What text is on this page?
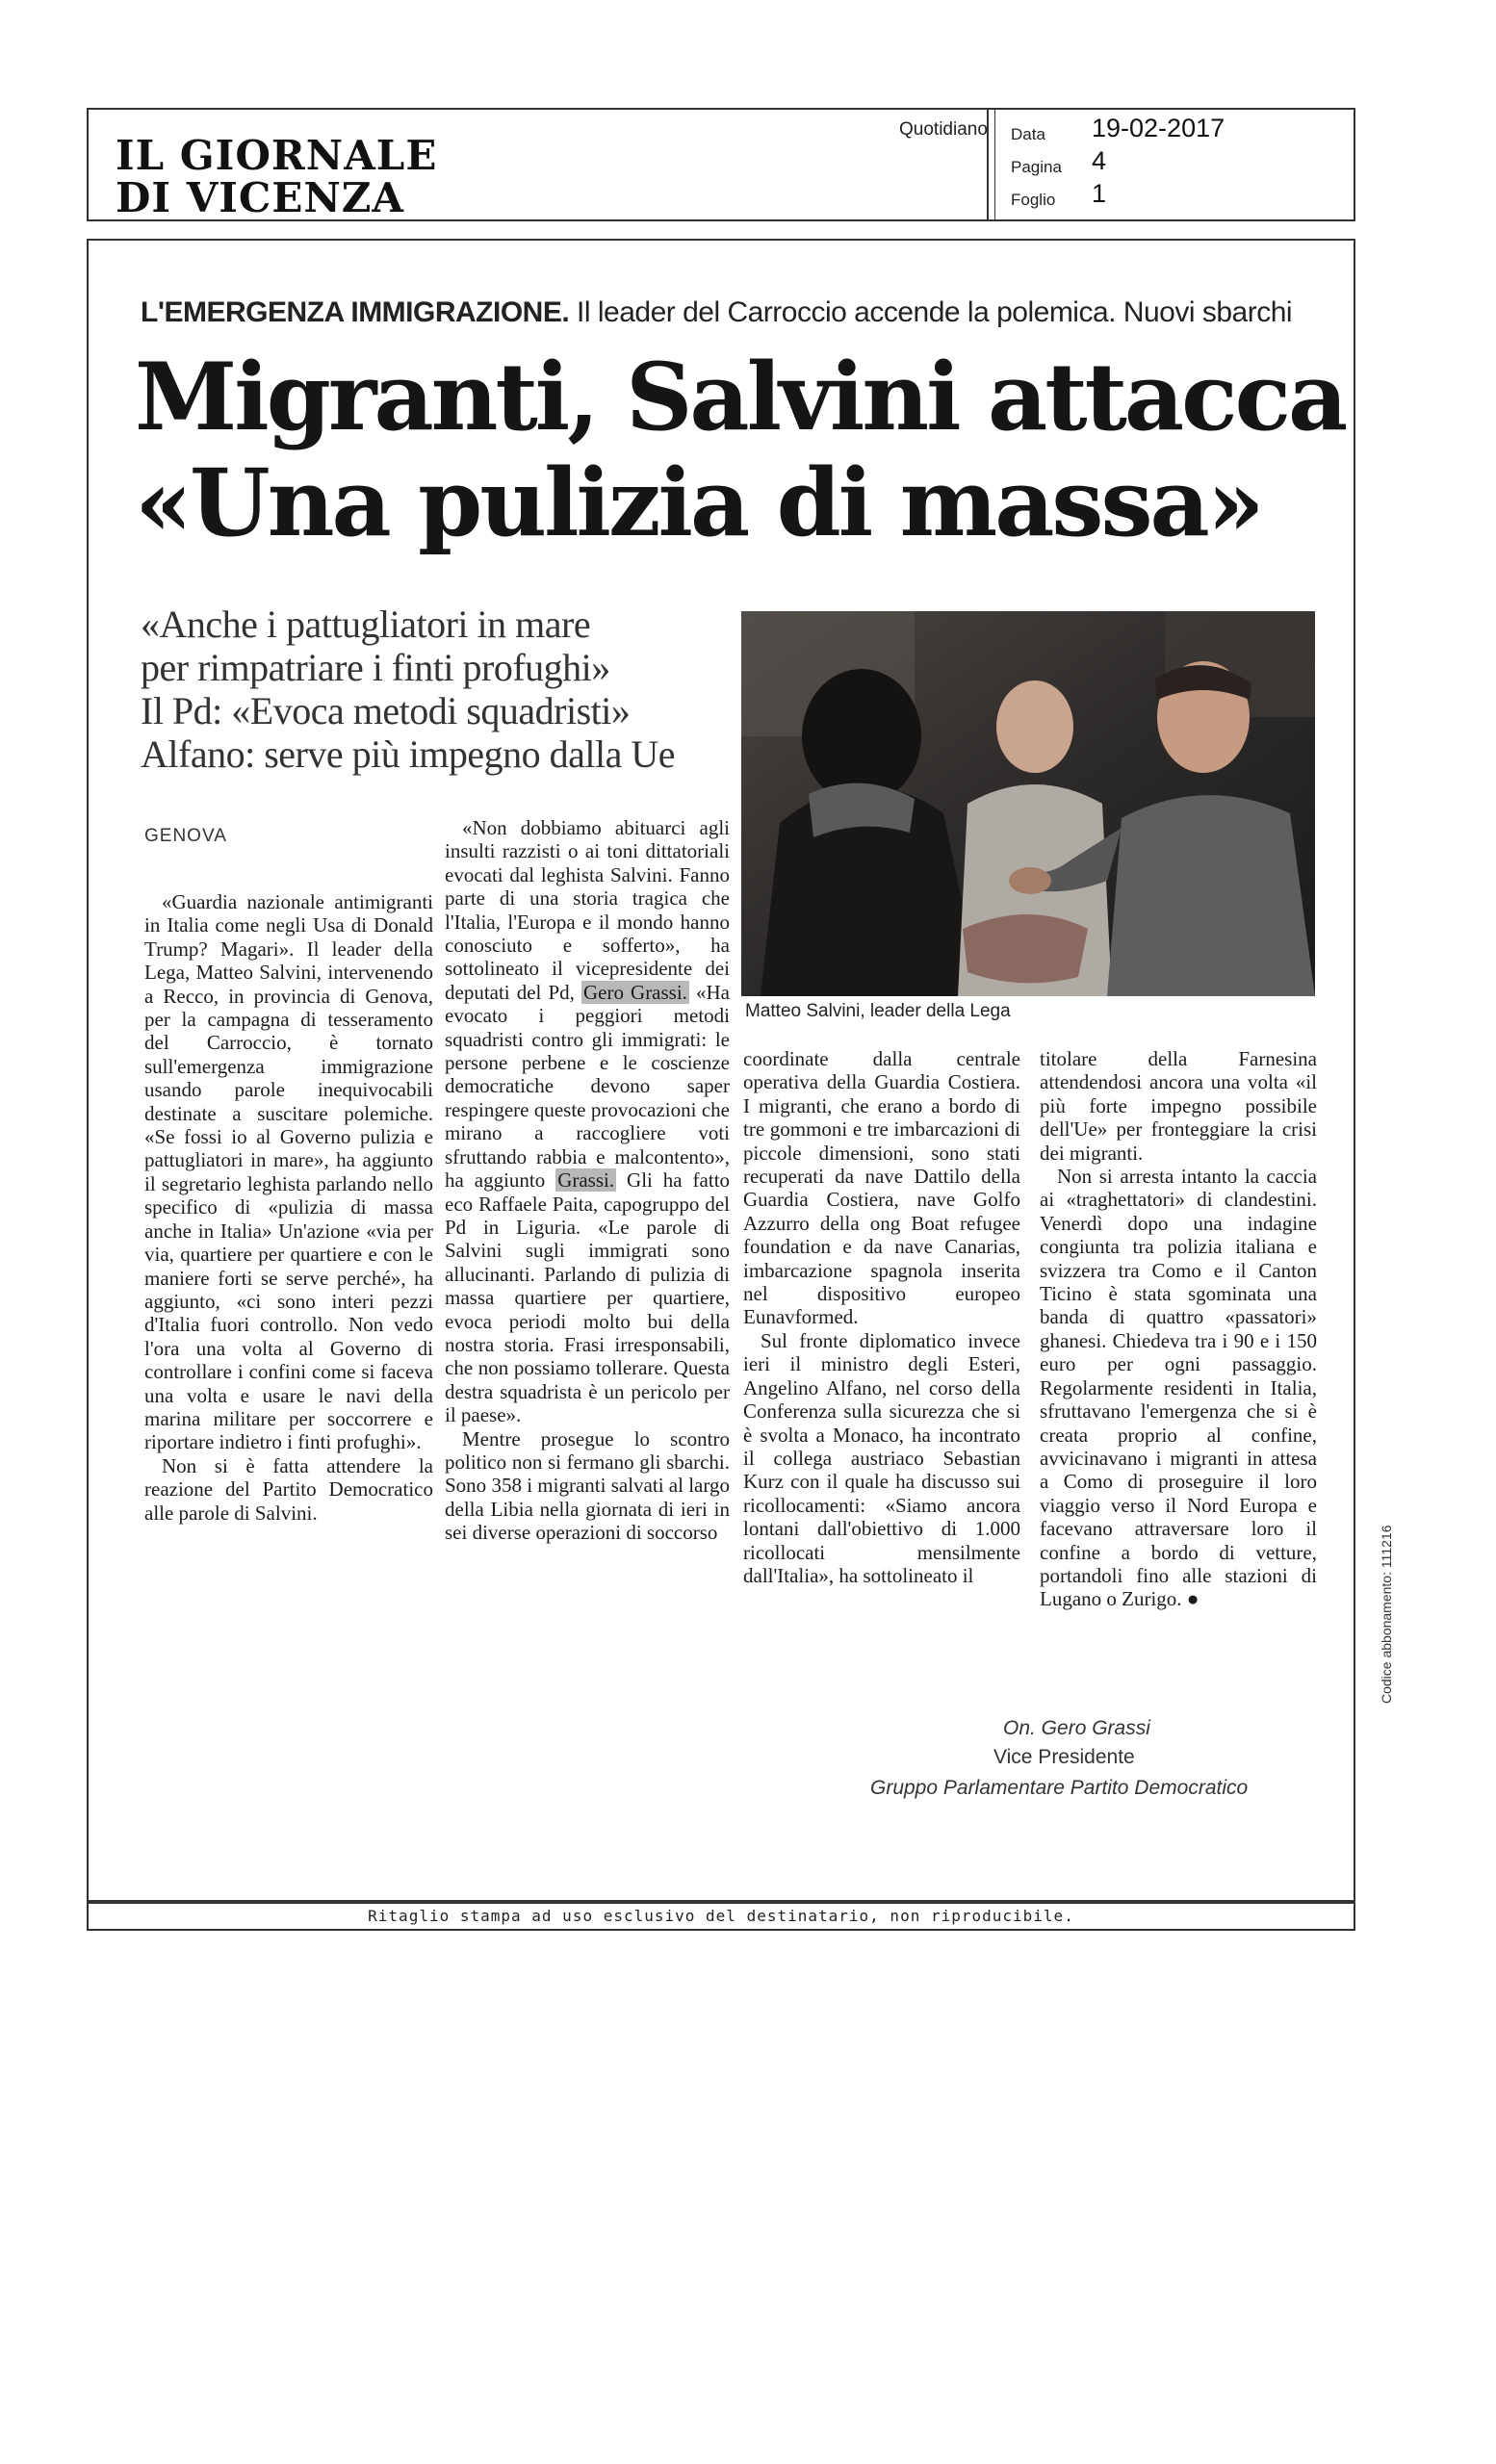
IL GIORNALE
DI VICENZA
Quotidiano Data 19-02-2017
Pagina 4
Foglio 1
L'EMERGENZA IMMIGRAZIONE. Il leader del Carroccio accende la polemica. Nuovi sbarchi
Migranti, Salvini attacca
«Una pulizia di massa»
«Anche i pattugliatori in mare
per rimpatriare i finti profughi»
Il Pd: «Evoca metodi squadristi»
Alfano: serve più impegno dalla Ue
Matteo Salvini, leader della Lega
GENOVA

«Guardia nazionale antimigranti in Italia come negli Usa di Donald Trump? Magari». Il leader della Lega, Matteo Salvini, intervenendo a Recco, in provincia di Genova, per la campagna di tesseramento del Carroccio, è tornato sull'emergenza immigrazione usando parole inequivocabili destinate a suscitare polemiche. «Se fossi io al Governo pulizia e pattugliatori in mare», ha aggiunto il segretario leghista parlando nello specifico di «pulizia di massa anche in Italia» Un'azione «via per via, quartiere per quartiere e con le maniere forti se serve perché», ha aggiunto, «ci sono interi pezzi d'Italia fuori controllo. Non vedo l'ora una volta al Governo di controllare i confini come si faceva una volta e usare le navi della marina militare per soccorrere e riportare indietro i finti profughi».

Non si è fatta attendere la reazione del Partito Democratico alle parole di Salvini.

«Non dobbiamo abituarci agli insulti razzisti o ai toni dittatoriali evocati dal leghista Salvini. Fanno parte di una storia tragica che l'Italia, l'Europa e il mondo hanno conosciuto e sofferto», ha sottolineato il vicepresidente dei deputati del Pd, Gero Grassi. «Ha evocato i peggiori metodi squadristi contro gli immigrati: le persone perbene e le coscienze democratiche devono saper respingere queste provocazioni che mirano a raccogliere voti sfruttando rabbia e malcontento», ha aggiunto Grassi. Gli ha fatto eco Raffaele Paita, capogruppo del Pd in Liguria. «Le parole di Salvini sugli immigrati sono allucinanti. Parlando di pulizia di massa quartiere per quartiere, evoca periodi molto bui della nostra storia. Frasi irresponsabili, che non possiamo tollerare. Questa destra squadrista è un pericolo per il paese».

Mentre prosegue lo scontro politico non si fermano gli sbarchi. Sono 358 i migranti salvati al largo della Libia nella giornata di ieri in sei diverse operazioni di soccorso

coordinate dalla centrale operativa della Guardia Costiera. I migranti, che erano a bordo di tre gommoni e tre imbarcazioni di piccole dimensioni, sono stati recuperati da nave Dattilo della Guardia Costiera, nave Golfo Azzurro della ong Boat refugee foundation e da nave Canarias, imbarcazione spagnola inserita nel dispositivo europeo Eunavformed.

Sul fronte diplomatico invece ieri il ministro degli Esteri, Angelino Alfano, nel corso della Conferenza sulla sicurezza che si è svolta a Monaco, ha incontrato il collega austriaco Sebastian Kurz con il quale ha discusso sui ricollocamenti: «Siamo ancora lontani dall'obiettivo di 1.000 ricollocati mensilmente dall'Italia», ha sottolineato il

titolare della Farnesina attendendosi ancora una volta «il più forte impegno possibile dell'Ue» per fronteggiare la crisi dei migranti.

Non si arresta intanto la caccia ai «traghettatori» di clandestini. Venerdì dopo una indagine congiunta tra polizia italiana e svizzera tra Como e il Canton Ticino è stata sgominata una banda di quattro «passatori» ghanesi. Chiedeva tra i 90 e i 150 euro per ogni passaggio. Regolarmente residenti in Italia, sfruttavano l'emergenza che si è creata proprio al confine, avvicinavano i migranti in attesa a Como di proseguire il loro viaggio verso il Nord Europa e facevano attraversare loro il confine a bordo di vetture, portandoli fino alle stazioni di Lugano o Zurigo. ●

On. Gero Grassi
Vice Presidente
Gruppo Parlamentare Partito Democratico
Codice abbonamento: 111216
Ritaglio stampa ad uso esclusivo del destinatario, non riproducibile.
